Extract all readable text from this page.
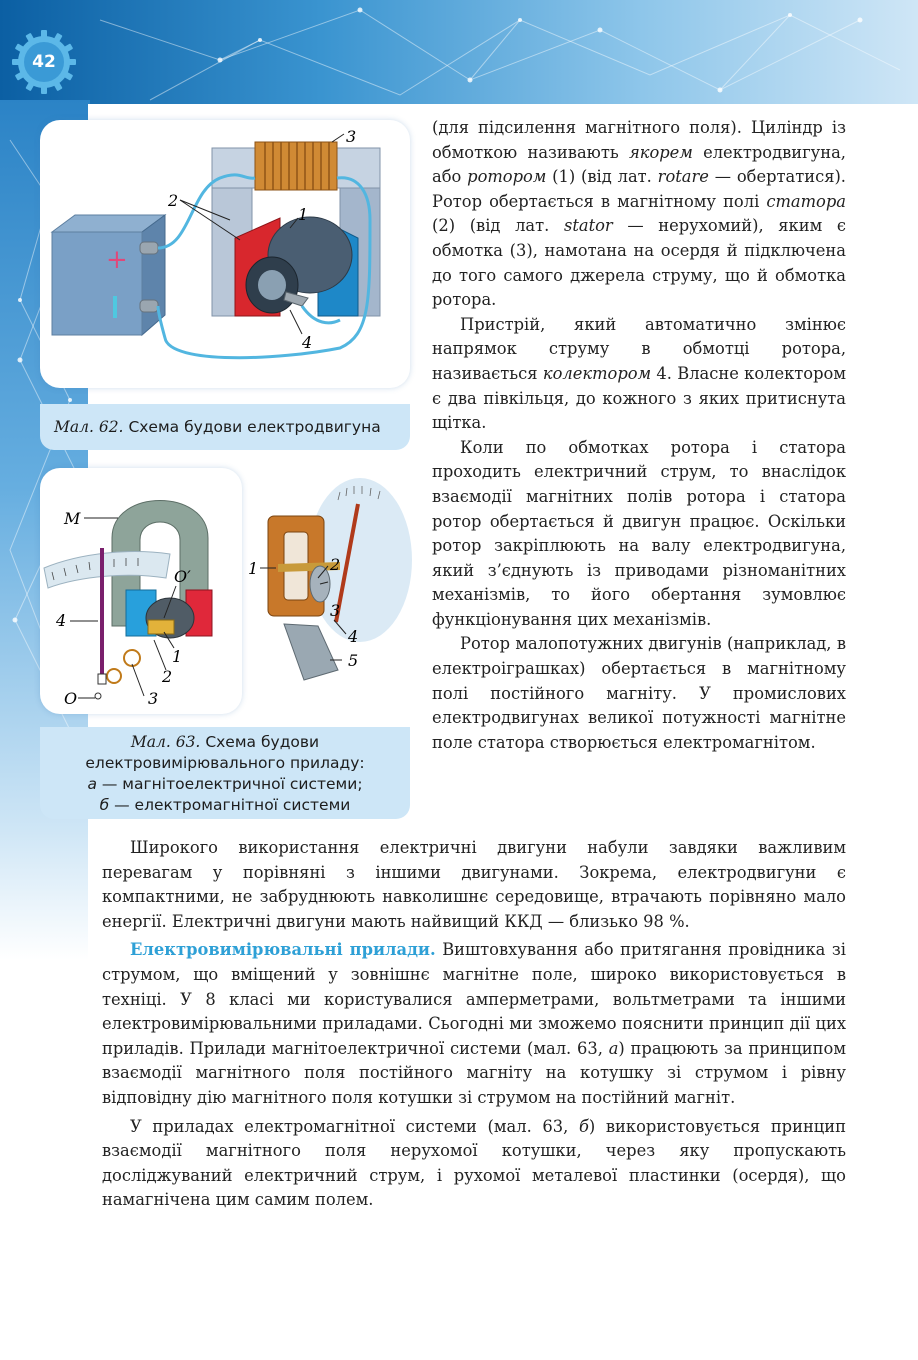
42
+
3
2
1
4
Мал. 62. Схема будови електродвигуна
M
O′
4
1
2
3
O
1	2
3
4
5
Мал. 63. Схема будови
електровимірювального приладу:
а — магнітоелектричної системи;
б — електромагнітної системи

(для підсилення магнітного поля). Циліндр із обмоткою називають якорем електродвигуна, або ротором (1) (від лат. rotare — обертатися). Ротор обертається в магнітному полі статора (2) (від лат. stator — нерухомий), яким є обмотка (3), намотана на осердя й підключена до того самого джерела струму, що й обмотка ротора.

Пристрій, який автоматично змінює напрямок струму в обмотці ротора, називається колектором 4. Власне колектором є два півкільця, до кожного з яких притиснута щітка.

Коли по обмотках ротора і статора проходить електричний струм, то внаслідок взаємодії магнітних полів ротора і статора ротор обертається й двигун працює. Оскільки ротор закріплюють на валу електродвигуна, який з’єднують із приводами різноманітних механізмів, то його обертання зумовлює функціонування цих механізмів.

Ротор малопотужних двигунів (наприклад, в електроіграшках) обертається в магнітному полі постійного магніту. У промислових електродвигунах великої потужності магнітне поле статора створюється електромагнітом.

Широкого використання електричні двигуни набули завдяки важливим перевагам у порівняні з іншими двигунами. Зокрема, електродвигуни є компактними, не забруднюють навколишнє середовище, втрачають порівняно мало енергії. Електричні двигуни мають найвищий ККД — близько 98 %.

Електровимірювальні прилади. Виштовхування або притягання провідника зі струмом, що вміщений у зовнішнє магнітне поле, широко використовується в техніці. У 8 класі ми користувалися амперметрами, вольтметрами та іншими електровимірювальними приладами. Сьогодні ми зможемо пояснити принцип дії цих приладів. Прилади магнітоелектричної системи (мал. 63, а) працюють за принципом взаємодії магнітного поля постійного магніту на котушку зі струмом і рівну відповідну дію магнітного поля котушки зі струмом на постійний магніт.

У приладах електромагнітної системи (мал. 63, б) використовується принцип взаємодії магнітного поля нерухомої котушки, через яку пропускають досліджуваний електричний струм, і рухомої металевої пластинки (осердя), що намагнічена цим самим полем.
